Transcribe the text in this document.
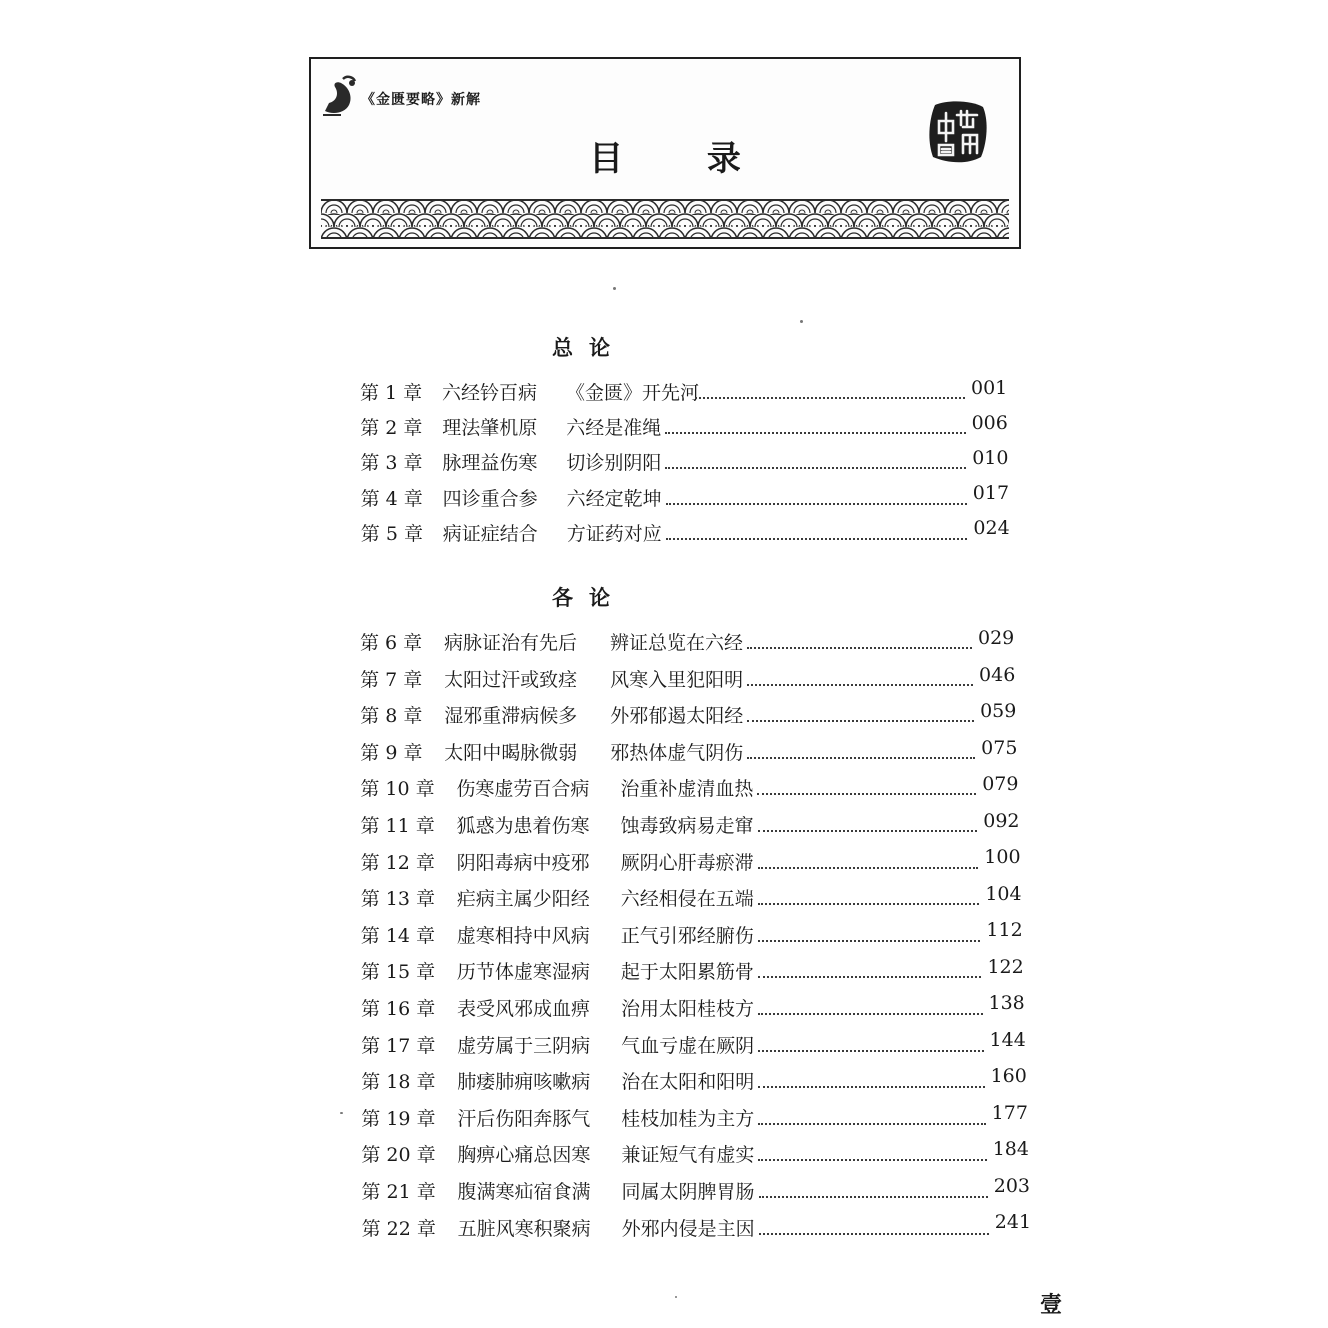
《金匮要略》新解
目 录
总论
第 1 章 六经钤百病 《金匮》开先河	001
第 2 章 理法肇机原 六经是准绳	006
第 3 章 脉理益伤寒 切诊别阴阳	010
第 4 章 四诊重合参 六经定乾坤	017
第 5 章 病证症结合 方证药对应	024
各论
第 6 章 病脉证治有先后 辨证总览在六经	029
第 7 章 太阳过汗或致痉 风寒入里犯阳明	046
第 8 章 湿邪重滞病候多 外邪郁遏太阳经	059
第 9 章 太阳中暍脉微弱 邪热体虚气阴伤	075
第 10 章 伤寒虚劳百合病 治重补虚清血热	079
第 11 章 狐惑为患着伤寒 蚀毒致病易走窜	092
第 12 章 阴阳毒病中疫邪 厥阴心肝毒瘀滞	100
第 13 章 疟病主属少阳经 六经相侵在五端	104
第 14 章 虚寒相持中风病 正气引邪经腑伤	112
第 15 章 历节体虚寒湿病 起于太阳累筋骨	122
第 16 章 表受风邪成血痹 治用太阳桂枝方	138
第 17 章 虚劳属于三阴病 气血亏虚在厥阴	144
第 18 章 肺痿肺痈咳嗽病 治在太阳和阳明	160
第 19 章 汗后伤阳奔豚气 桂枝加桂为主方	177
第 20 章 胸痹心痛总因寒 兼证短气有虚实	184
第 21 章 腹满寒疝宿食满 同属太阴脾胃肠	203
第 22 章 五脏风寒积聚病 外邪内侵是主因	241
壹
